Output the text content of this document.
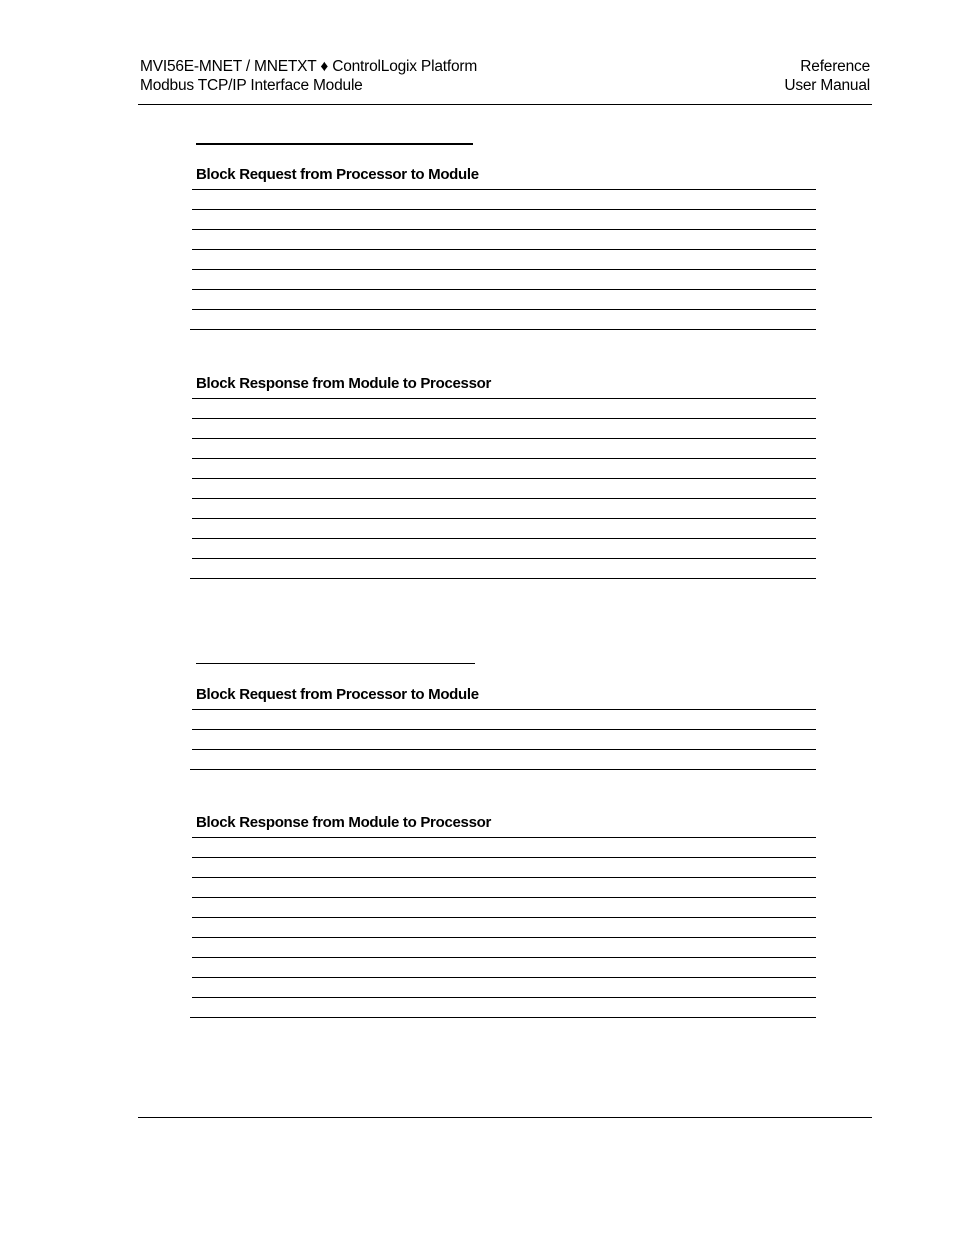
MVI56E-MNET / MNETXT ♦ ControlLogix Platform
Modbus TCP/IP Interface Module
Reference
User Manual
Block Request from Processor to Module
Block Response from Module to Processor
Block Request from Processor to Module
Block Response from Module to Processor
